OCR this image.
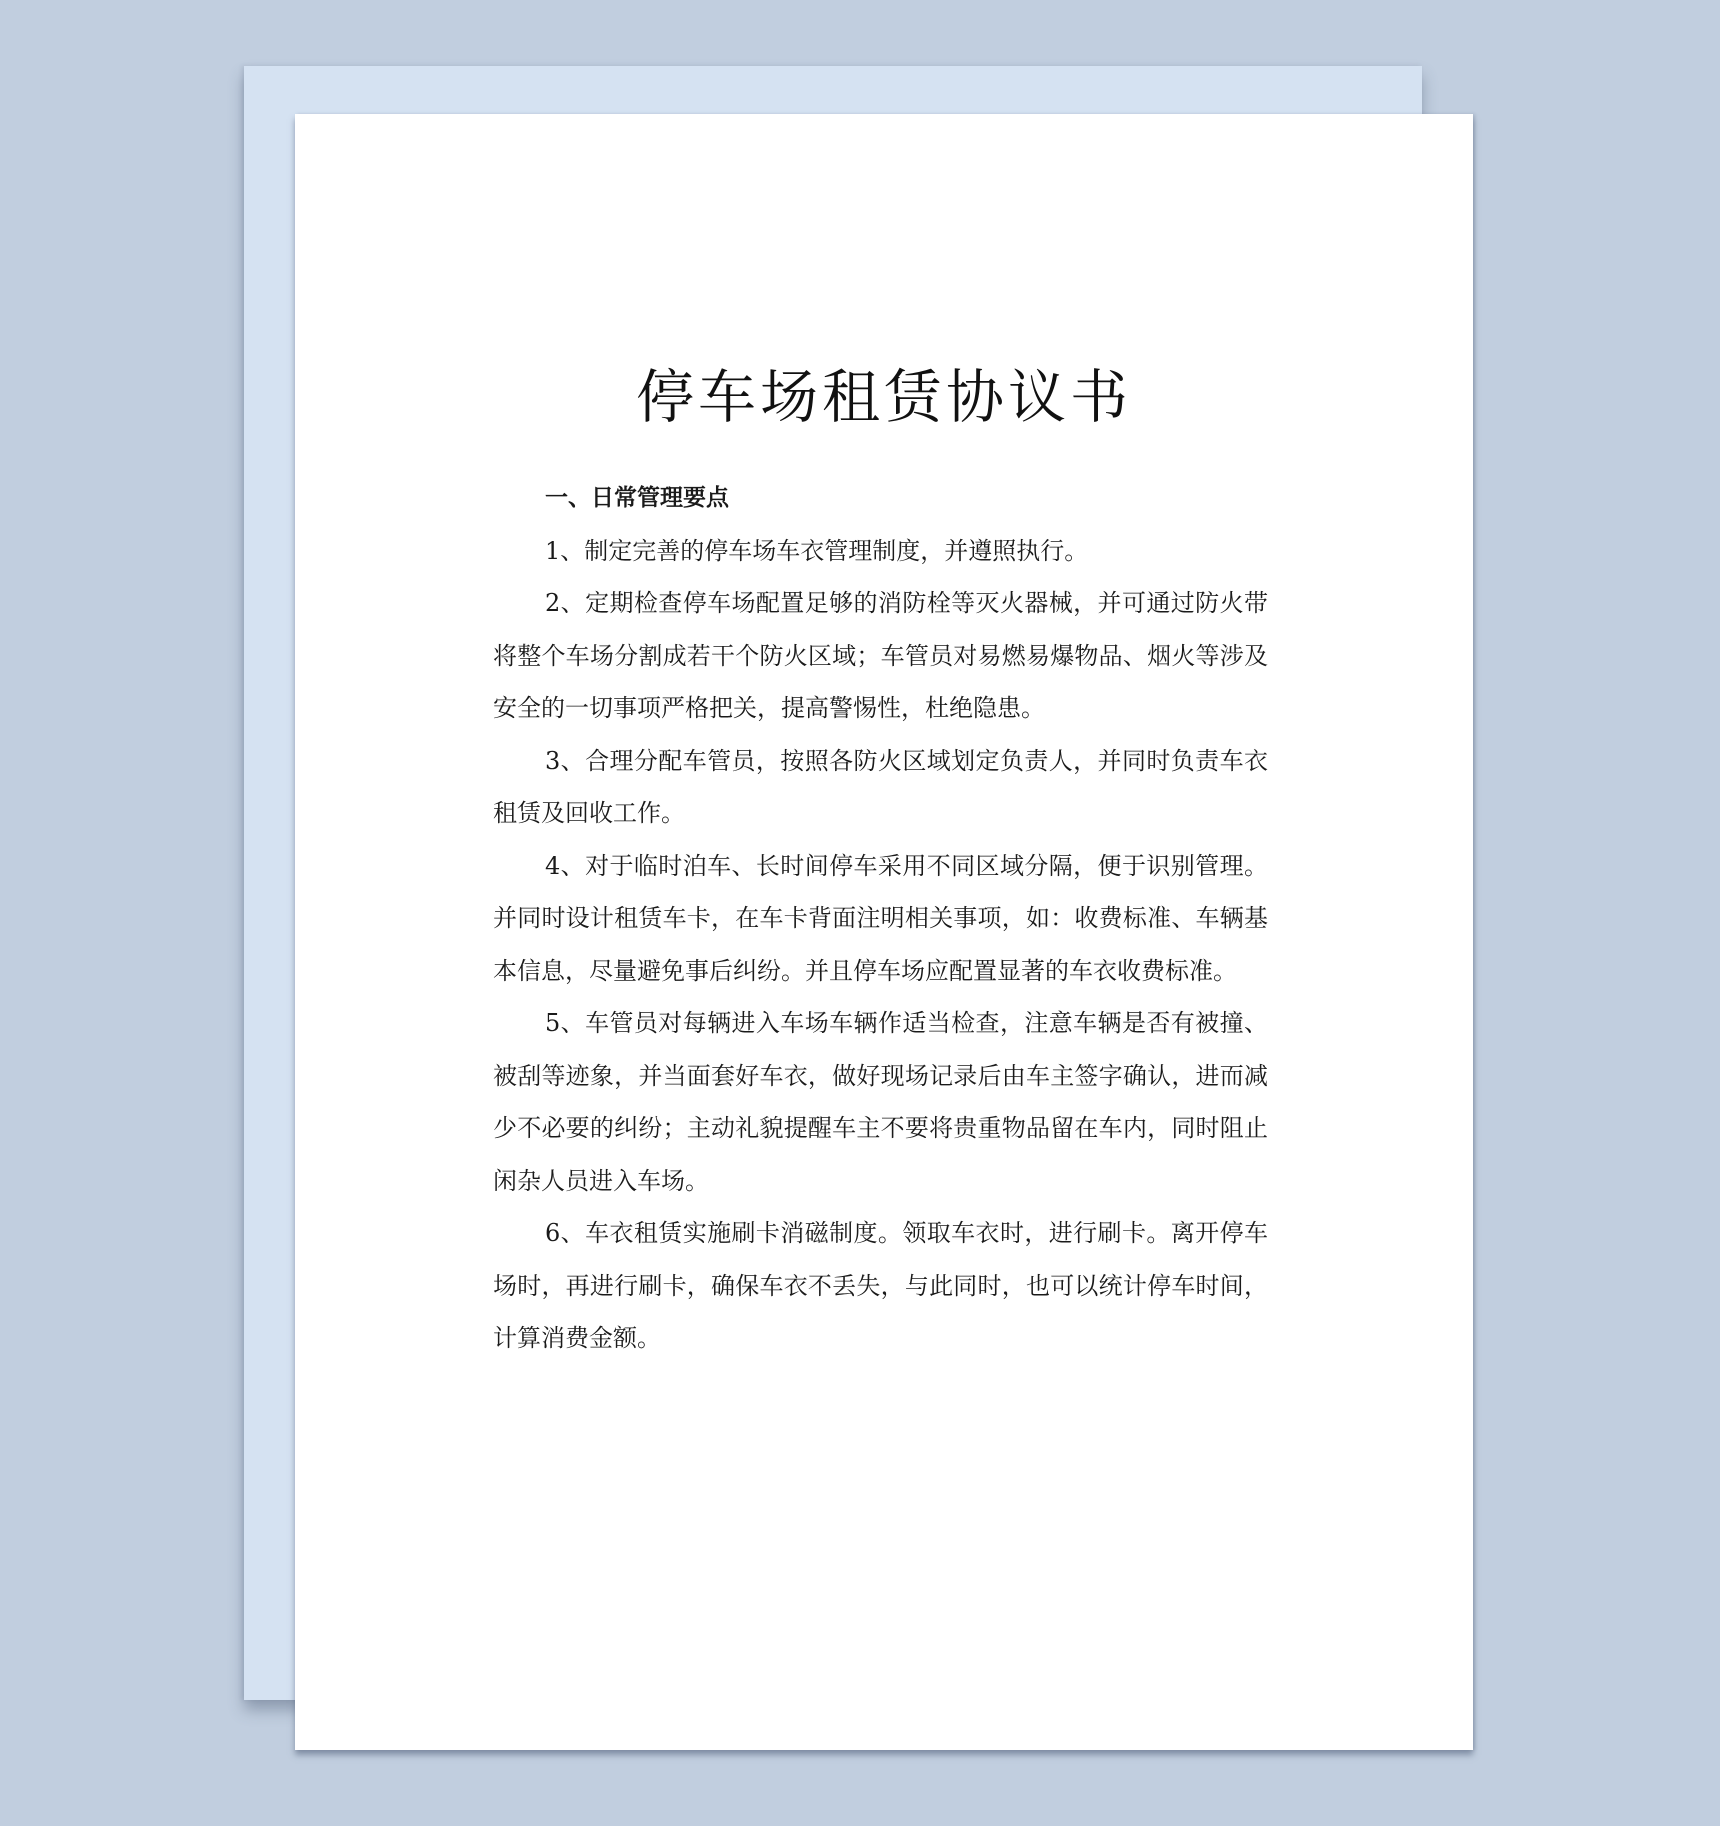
停车场租赁协议书

一、日常管理要点

1、制定完善的停车场车衣管理制度，并遵照执行。

2、定期检查停车场配置足够的消防栓等灭火器械，并可通过防火带将整个车场分割成若干个防火区域；车管员对易燃易爆物品、烟火等涉及安全的一切事项严格把关，提高警惕性，杜绝隐患。

3、合理分配车管员，按照各防火区域划定负责人，并同时负责车衣租赁及回收工作。

4、对于临时泊车、长时间停车采用不同区域分隔，便于识别管理。并同时设计租赁车卡，在车卡背面注明相关事项，如：收费标准、车辆基本信息，尽量避免事后纠纷。并且停车场应配置显著的车衣收费标准。

5、车管员对每辆进入车场车辆作适当检查，注意车辆是否有被撞、被刮等迹象，并当面套好车衣，做好现场记录后由车主签字确认，进而减少不必要的纠纷；主动礼貌提醒车主不要将贵重物品留在车内，同时阻止闲杂人员进入车场。

6、车衣租赁实施刷卡消磁制度。领取车衣时，进行刷卡。离开停车场时，再进行刷卡，确保车衣不丢失，与此同时，也可以统计停车时间，计算消费金额。
